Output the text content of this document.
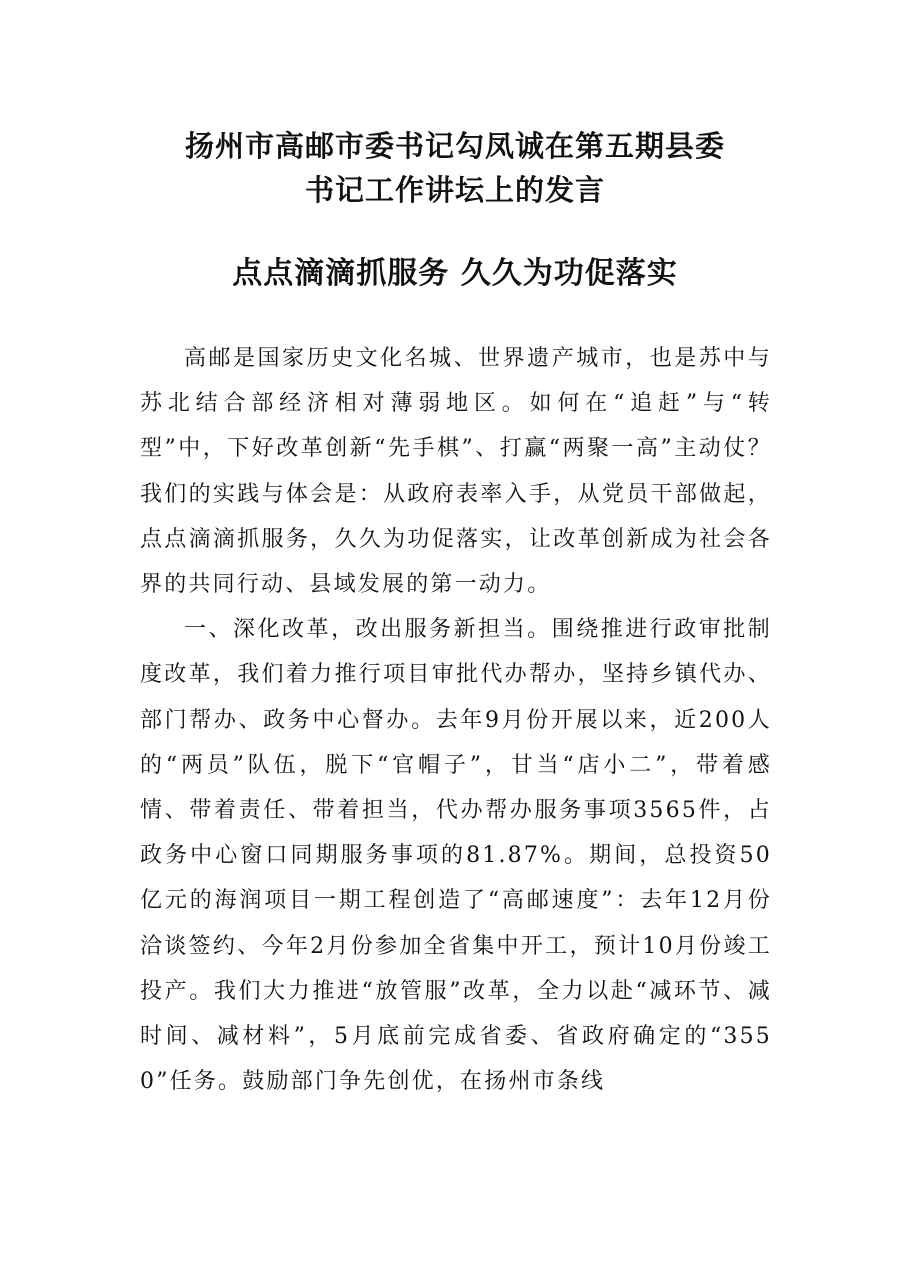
扬州市高邮市委书记勾凤诚在第五期县委
书记工作讲坛上的发言
点点滴滴抓服务 久久为功促落实

高邮是国家历史文化名城、世界遗产城市，也是苏中与苏北结合部经济相对薄弱地区。如何在“追赶”与“转型”中，下好改革创新“先手棋”、打赢“两聚一高”主动仗？我们的实践与体会是：从政府表率入手，从党员干部做起，点点滴滴抓服务，久久为功促落实，让改革创新成为社会各界的共同行动、县域发展的第一动力。

一、深化改革，改出服务新担当。围绕推进行政审批制度改革，我们着力推行项目审批代办帮办，坚持乡镇代办、部门帮办、政务中心督办。去年9月份开展以来，近200人的“两员”队伍，脱下“官帽子”，甘当“店小二”，带着感情、带着责任、带着担当，代办帮办服务事项3565件，占政务中心窗口同期服务事项的81.87%。期间，总投资50亿元的海润项目一期工程创造了“高邮速度”：去年12月份洽谈签约、今年2月份参加全省集中开工，预计10月份竣工投产。我们大力推进“放管服”改革，全力以赴“减环节、减时间、减材料”，5月底前完成省委、省政府确定的“3550”任务。鼓励部门争先创优，在扬州市条线
